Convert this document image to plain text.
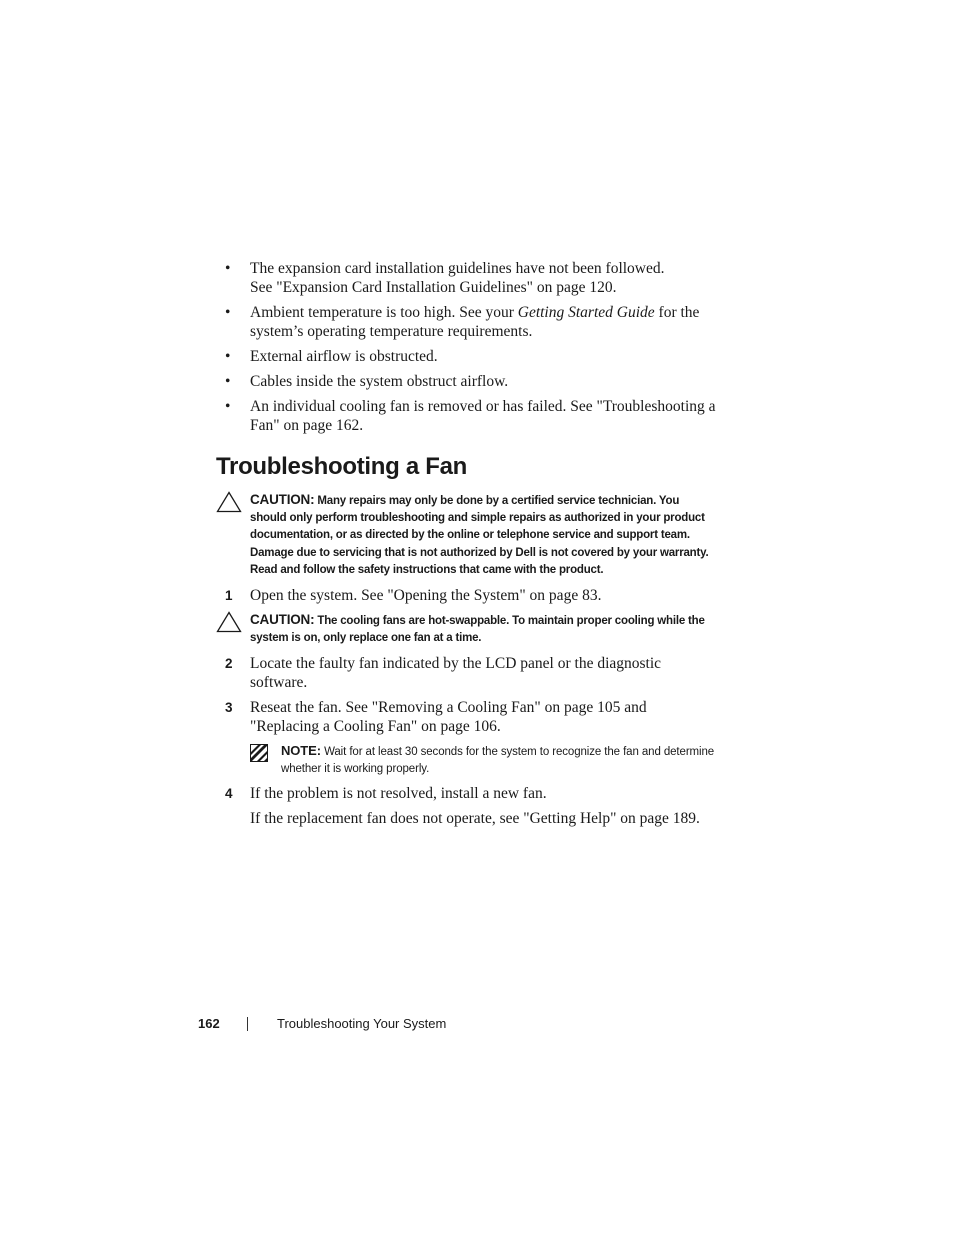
• The expansion card installation guidelines have not been followed.
See "Expansion Card Installation Guidelines" on page 120.
• Ambient temperature is too high. See your Getting Started Guide for the system’s operating temperature requirements.
• External airflow is obstructed.
• Cables inside the system obstruct airflow.
• An individual cooling fan is removed or has failed. See "Troubleshooting a Fan" on page 162.
Troubleshooting a Fan
CAUTION: Many repairs may only be done by a certified service technician. You should only perform troubleshooting and simple repairs as authorized in your product documentation, or as directed by the online or telephone service and support team. Damage due to servicing that is not authorized by Dell is not covered by your warranty. Read and follow the safety instructions that came with the product.
1 Open the system. See "Opening the System" on page 83.
CAUTION: The cooling fans are hot-swappable. To maintain proper cooling while the system is on, only replace one fan at a time.
2 Locate the faulty fan indicated by the LCD panel or the diagnostic software.
3 Reseat the fan. See "Removing a Cooling Fan" on page 105 and "Replacing a Cooling Fan" on page 106.
NOTE: Wait for at least 30 seconds for the system to recognize the fan and determine whether it is working properly.
4 If the problem is not resolved, install a new fan.
If the replacement fan does not operate, see "Getting Help" on page 189.
162	Troubleshooting Your System
